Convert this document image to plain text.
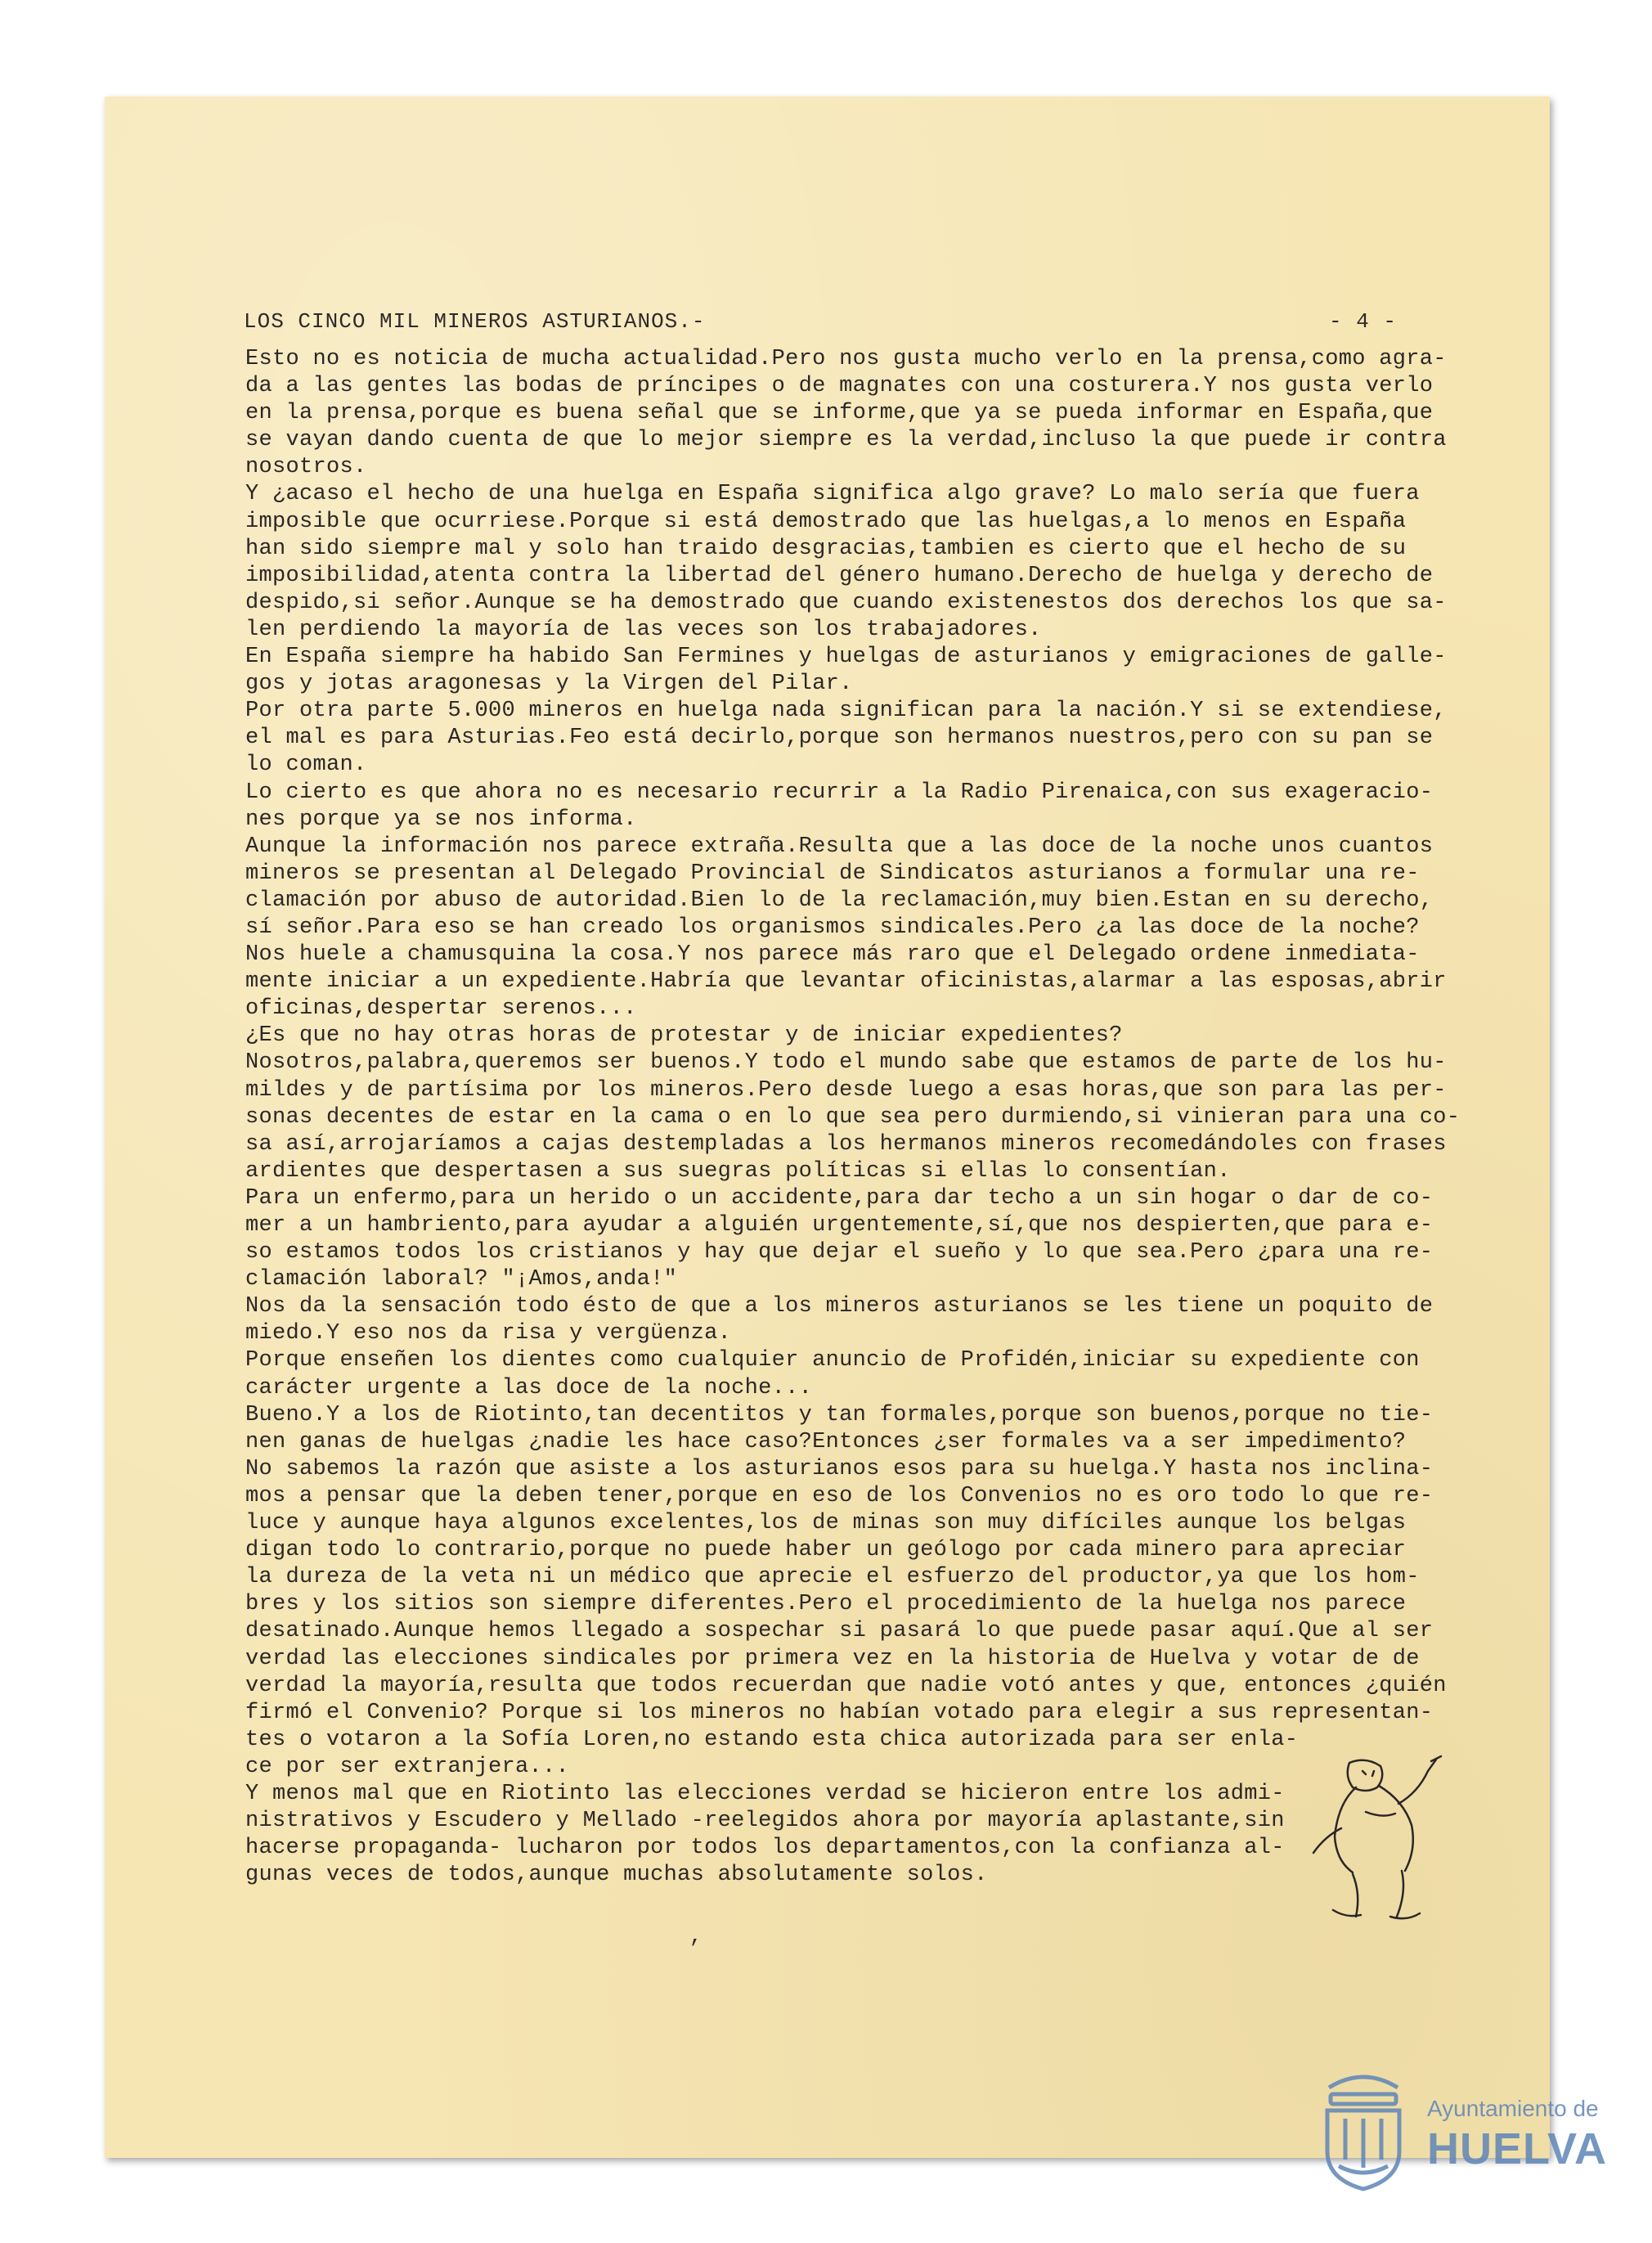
LOS CINCO MIL MINEROS ASTURIANOS.-	- 4 -
Esto no es noticia de mucha actualidad.Pero nos gusta mucho verlo en la prensa,como agra-
da a las gentes las bodas de príncipes o de magnates con una costurera.Y nos gusta verlo
en la prensa,porque es buena señal que se informe,que ya se pueda informar en España,que
se vayan dando cuenta de que lo mejor siempre es la verdad,incluso la que puede ir contra
nosotros.
Y ¿acaso el hecho de una huelga en España significa algo grave? Lo malo sería que fuera
imposible que ocurriese.Porque si está demostrado que las huelgas,a lo menos en España
han sido siempre mal y solo han traido desgracias,tambien es cierto que el hecho de su
imposibilidad,atenta contra la libertad del género humano.Derecho de huelga y derecho de
despido,si señor.Aunque se ha demostrado que cuando existenestos dos derechos los que sa-
len perdiendo la mayoría de las veces son los trabajadores.
En España siempre ha habido San Fermines y huelgas de asturianos y emigraciones de galle-
gos y jotas aragonesas y la Virgen del Pilar.
Por otra parte 5.000 mineros en huelga nada significan para la nación.Y si se extendiese,
el mal es para Asturias.Feo está decirlo,porque son hermanos nuestros,pero con su pan se
lo coman.
Lo cierto es que ahora no es necesario recurrir a la Radio Pirenaica,con sus exageracio-
nes porque ya se nos informa.
Aunque la información nos parece extraña.Resulta que a las doce de la noche unos cuantos
mineros se presentan al Delegado Provincial de Sindicatos asturianos a formular una re-
clamación por abuso de autoridad.Bien lo de la reclamación,muy bien.Estan en su derecho,
sí señor.Para eso se han creado los organismos sindicales.Pero ¿a las doce de la noche?
Nos huele a chamusquina la cosa.Y nos parece más raro que el Delegado ordene inmediata-
mente iniciar a un expediente.Habría que levantar oficinistas,alarmar a las esposas,abrir
oficinas,despertar serenos...
¿Es que no hay otras horas de protestar y de iniciar expedientes?
Nosotros,palabra,queremos ser buenos.Y todo el mundo sabe que estamos de parte de los hu-
mildes y de partísima por los mineros.Pero desde luego a esas horas,que son para las per-
sonas decentes de estar en la cama o en lo que sea pero durmiendo,si vinieran para una co-
sa así,arrojaríamos a cajas destempladas a los hermanos mineros recomedándoles con frases
ardientes que despertasen a sus suegras políticas si ellas lo consentían.
Para un enfermo,para un herido o un accidente,para dar techo a un sin hogar o dar de co-
mer a un hambriento,para ayudar a alguién urgentemente,sí,que nos despierten,que para e-
so estamos todos los cristianos y hay que dejar el sueño y lo que sea.Pero ¿para una re-
clamación laboral? "¡Amos,anda!"
Nos da la sensación todo ésto de que a los mineros asturianos se les tiene un poquito de
miedo.Y eso nos da risa y vergüenza.
Porque enseñen los dientes como cualquier anuncio de Profidén,iniciar su expediente con
carácter urgente a las doce de la noche...
Bueno.Y a los de Riotinto,tan decentitos y tan formales,porque son buenos,porque no tie-
nen ganas de huelgas ¿nadie les hace caso?Entonces ¿ser formales va a ser impedimento?
No sabemos la razón que asiste a los asturianos esos para su huelga.Y hasta nos inclina-
mos a pensar que la deben tener,porque en eso de los Convenios no es oro todo lo que re-
luce y aunque haya algunos excelentes,los de minas son muy difíciles aunque los belgas
digan todo lo contrario,porque no puede haber un geólogo por cada minero para apreciar
la dureza de la veta ni un médico que aprecie el esfuerzo del productor,ya que los hom-
bres y los sitios son siempre diferentes.Pero el procedimiento de la huelga nos parece
desatinado.Aunque hemos llegado a sospechar si pasará lo que puede pasar aquí.Que al ser
verdad las elecciones sindicales por primera vez en la historia de Huelva y votar de de
verdad la mayoría,resulta que todos recuerdan que nadie votó antes y que, entonces ¿quién
firmó el Convenio? Porque si los mineros no habían votado para elegir a sus representan-
tes o votaron a la Sofía Loren,no estando esta chica autorizada para ser enla-
ce por ser extranjera...
Y menos mal que en Riotinto las elecciones verdad se hicieron entre los admi-
nistrativos y Escudero y Mellado -reelegidos ahora por mayoría aplastante,sin
hacerse propaganda- lucharon por todos los departamentos,con la confianza al-
gunas veces de todos,aunque muchas absolutamente solos.
,
Ayuntamiento de
HUELVA
